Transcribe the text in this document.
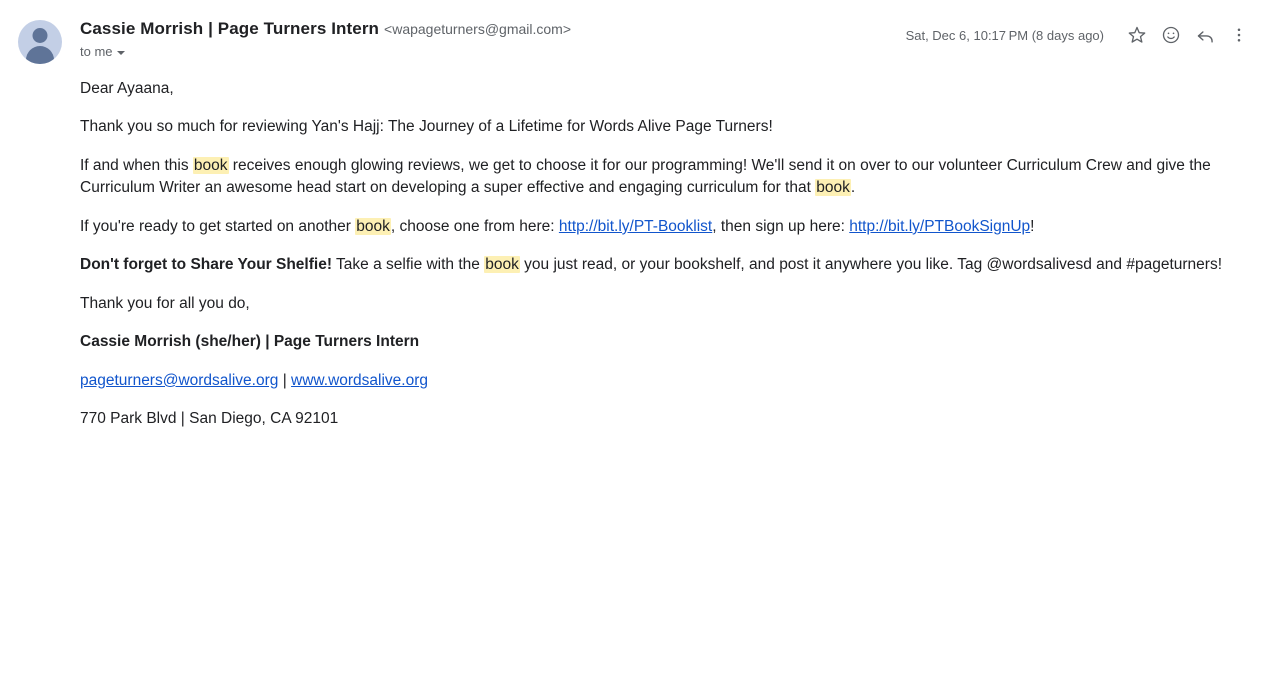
Cassie Morrish | Page Turners Intern <wapageturners@gmail.com>
to me
Sat, Dec 6, 10:17 PM (8 days ago)

Dear Ayaana,

Thank you so much for reviewing Yan's Hajj: The Journey of a Lifetime for Words Alive Page Turners!

If and when this book receives enough glowing reviews, we get to choose it for our programming! We'll send it on over to our volunteer Curriculum Crew and give the Curriculum Writer an awesome head start on developing a super effective and engaging curriculum for that book.

If you're ready to get started on another book, choose one from here: http://bit.ly/PT-Booklist, then sign up here: http://bit.ly/PTBookSignUp!

Don't forget to Share Your Shelfie! Take a selfie with the book you just read, or your bookshelf, and post it anywhere you like. Tag @wordsalivesd and #pageturners!

Thank you for all you do,

Cassie Morrish (she/her) | Page Turners Intern

pageturners@wordsalive.org | www.wordsalive.org

770 Park Blvd | San Diego, CA 92101
